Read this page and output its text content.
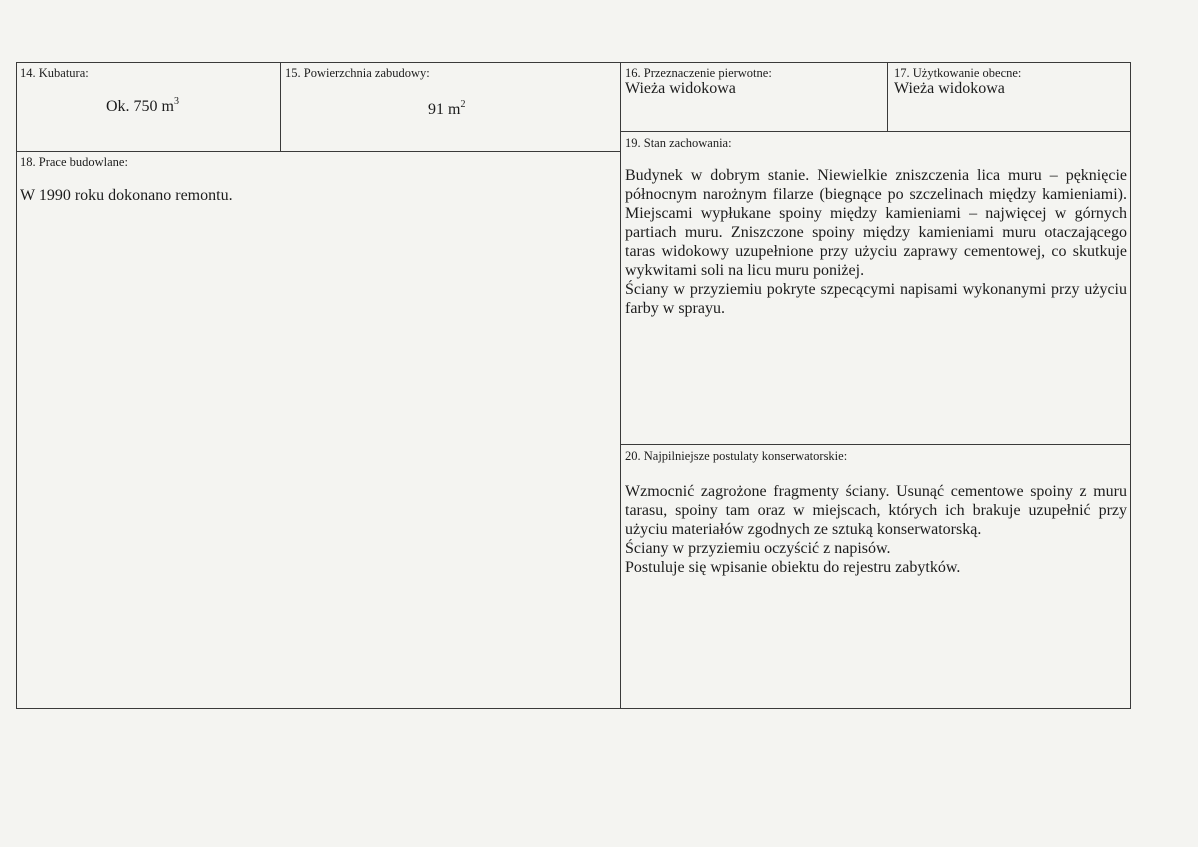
14. Kubatura:
Ok. 750 $m^3$
15. Powierzchnia zabudowy:
91 $m^2$
16. Przeznaczenie pierwotne:
Wieża widokowa
17. Użytkowanie obecne:
Wieża widokowa
18. Prace budowlane:
W 1990 roku dokonano remontu.
19. Stan zachowania:

Budynek w dobrym stanie. Niewielkie zniszczenia lica muru – pęknięcie północnym narożnym filarze (biegnące po szczelinach między kamieniami). Miejscami wypłukane spoiny między kamieniami – najwięcej w górnych partiach muru. Zniszczone spoiny między kamieniami muru otaczającego taras widokowy uzupełnione przy użyciu zaprawy cementowej, co skutkuje wykwitami soli na licu muru poniżej.

Ściany w przyziemiu pokryte szpecącymi napisami wykonanymi przy użyciu farby w sprayu.

20. Najpilniejsze postulaty konserwatorskie:

Wzmocnić zagrożone fragmenty ściany. Usunąć cementowe spoiny z muru tarasu, spoiny tam oraz w miejscach, których ich brakuje uzupełnić przy użyciu materiałów zgodnych ze sztuką konserwatorską.

Ściany w przyziemiu oczyścić z napisów.

Postuluje się wpisanie obiektu do rejestru zabytków.
